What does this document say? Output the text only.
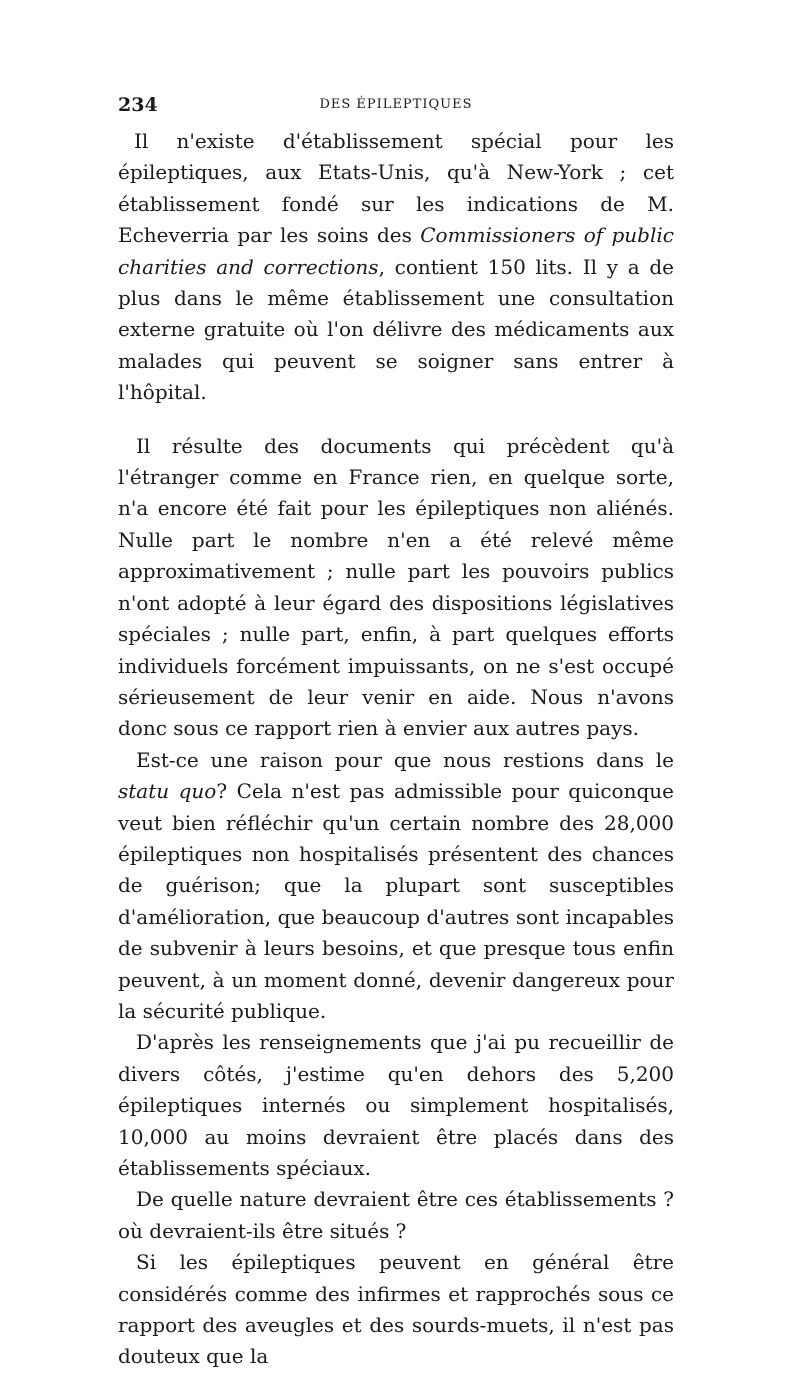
234	DES ÉPILEPTIQUES

Il n'existe d'établissement spécial pour les épileptiques, aux Etats-Unis, qu'à New-York ; cet établissement fondé sur les indications de M. Echeverria par les soins des Commissioners of public charities and corrections, contient 150 lits. Il y a de plus dans le même établissement une consultation externe gratuite où l'on délivre des médicaments aux malades qui peuvent se soigner sans entrer à l'hôpital.

Il résulte des documents qui précèdent qu'à l'étranger comme en France rien, en quelque sorte, n'a encore été fait pour les épileptiques non aliénés. Nulle part le nombre n'en a été relevé même approximativement ; nulle part les pouvoirs publics n'ont adopté à leur égard des dispositions législatives spéciales ; nulle part, enfin, à part quelques efforts individuels forcément impuissants, on ne s'est occupé sérieusement de leur venir en aide. Nous n'avons donc sous ce rapport rien à envier aux autres pays.

Est-ce une raison pour que nous restions dans le statu quo? Cela n'est pas admissible pour quiconque veut bien réfléchir qu'un certain nombre des 28,000 épileptiques non hospitalisés présentent des chances de guérison; que la plupart sont susceptibles d'amélioration, que beaucoup d'autres sont incapables de subvenir à leurs besoins, et que presque tous enfin peuvent, à un moment donné, devenir dangereux pour la sécurité publique.

D'après les renseignements que j'ai pu recueillir de divers côtés, j'estime qu'en dehors des 5,200 épileptiques internés ou simplement hospitalisés, 10,000 au moins devraient être placés dans des établissements spéciaux.

De quelle nature devraient être ces établissements ? où devraient-ils être situés ?

Si les épileptiques peuvent en général être considérés comme des infirmes et rapprochés sous ce rapport des aveugles et des sourds-muets, il n'est pas douteux que la
